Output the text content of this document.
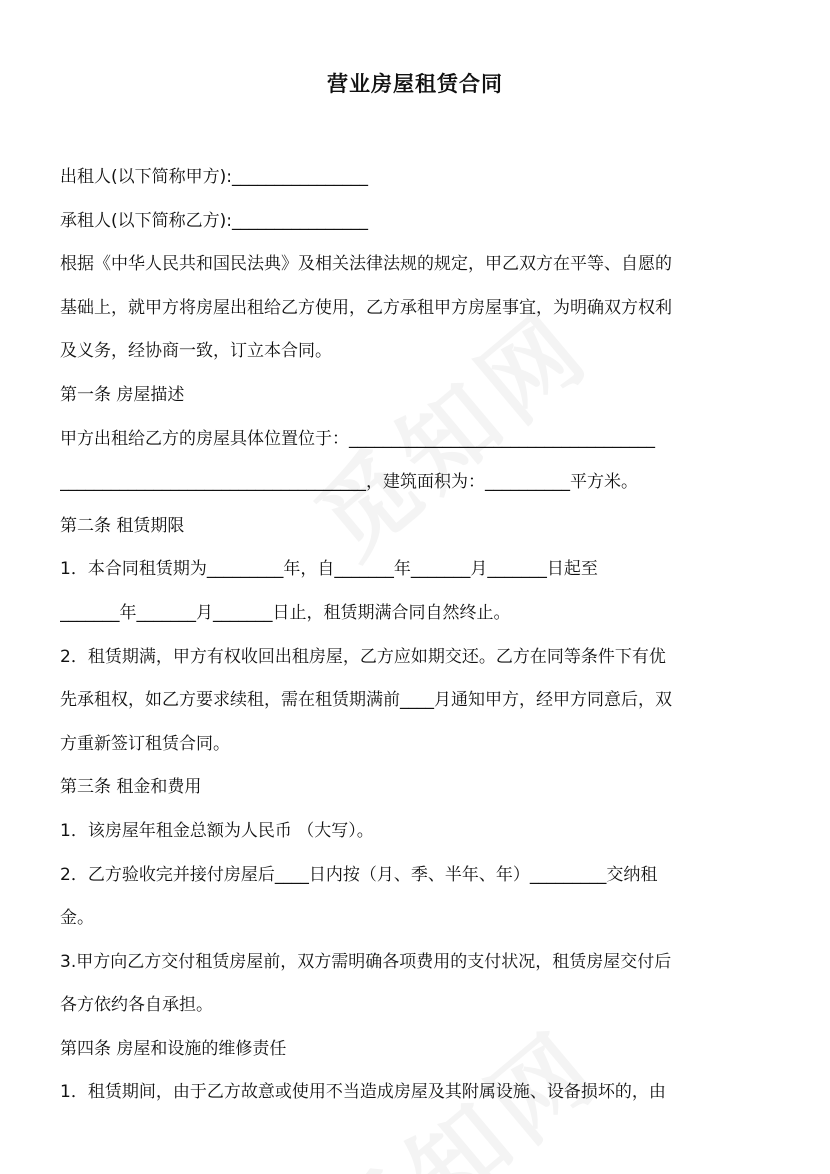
营业房屋租赁合同
出租人(以下简称甲方):________________
承租人(以下简称乙方):________________
根据《中华人民共和国民法典》及相关法律法规的规定，甲乙双方在平等、自愿的
基础上，就甲方将房屋出租给乙方使用，乙方承租甲方房屋事宜，为明确双方权利
及义务，经协商一致，订立本合同。
第一条 房屋描述
甲方出租给乙方的房屋具体位置位于：____________________________________
____________________________________，建筑面积为：__________平方米。
第二条 租赁期限
1．本合同租赁期为_________年，自_______年_______月_______日起至
_______年_______月_______日止，租赁期满合同自然终止。
2．租赁期满，甲方有权收回出租房屋，乙方应如期交还。乙方在同等条件下有优
先承租权，如乙方要求续租，需在租赁期满前____月通知甲方，经甲方同意后，双
方重新签订租赁合同。
第三条 租金和费用
1．该房屋年租金总额为人民币 （大写）。
2．乙方验收完并接付房屋后____日内按（月、季、半年、年）_________交纳租
金。
3.甲方向乙方交付租赁房屋前，双方需明确各项费用的支付状况，租赁房屋交付后
各方依约各自承担。
第四条 房屋和设施的维修责任
1．租赁期间，由于乙方故意或使用不当造成房屋及其附属设施、设备损坏的，由
